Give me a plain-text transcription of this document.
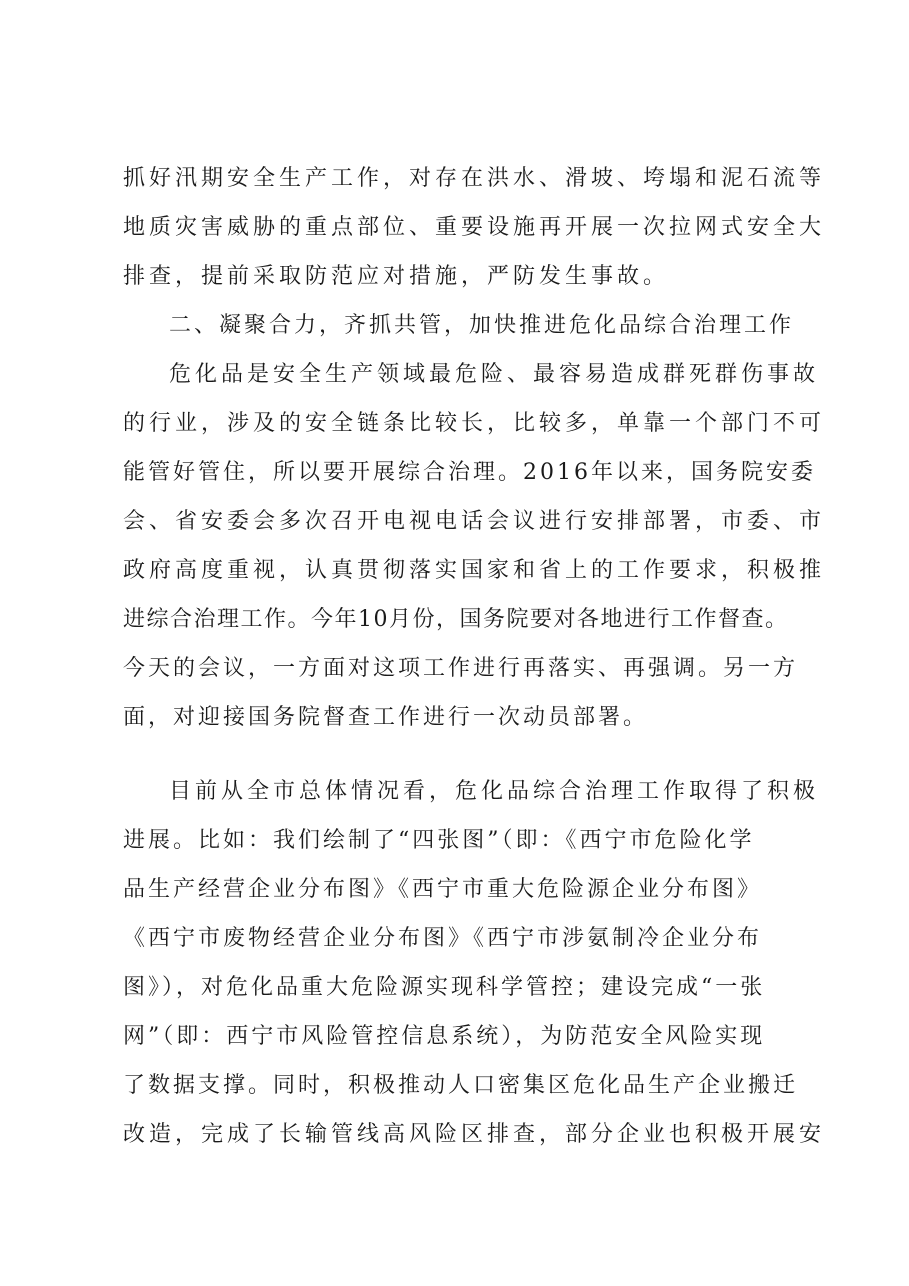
抓好汛期安全生产工作，对存在洪水、滑坡、垮塌和泥石流等
地质灾害威胁的重点部位、重要设施再开展一次拉网式安全大
排查，提前采取防范应对措施，严防发生事故。
二、凝聚合力，齐抓共管，加快推进危化品综合治理工作
危化品是安全生产领域最危险、最容易造成群死群伤事故
的行业，涉及的安全链条比较长，比较多，单靠一个部门不可
能管好管住，所以要开展综合治理。2016年以来，国务院安委
会、省安委会多次召开电视电话会议进行安排部署，市委、市
政府高度重视，认真贯彻落实国家和省上的工作要求，积极推
进综合治理工作。今年10月份，国务院要对各地进行工作督查。
今天的会议，一方面对这项工作进行再落实、再强调。另一方
面，对迎接国务院督查工作进行一次动员部署。
目前从全市总体情况看，危化品综合治理工作取得了积极
进展。比如：我们绘制了“四张图”（即：《西宁市危险化学
品生产经营企业分布图》《西宁市重大危险源企业分布图》
《西宁市废物经营企业分布图》《西宁市涉氨制冷企业分布
图》），对危化品重大危险源实现科学管控；建设完成“一张
网”（即：西宁市风险管控信息系统），为防范安全风险实现
了数据支撑。同时，积极推动人口密集区危化品生产企业搬迁
改造，完成了长输管线高风险区排查，部分企业也积极开展安
